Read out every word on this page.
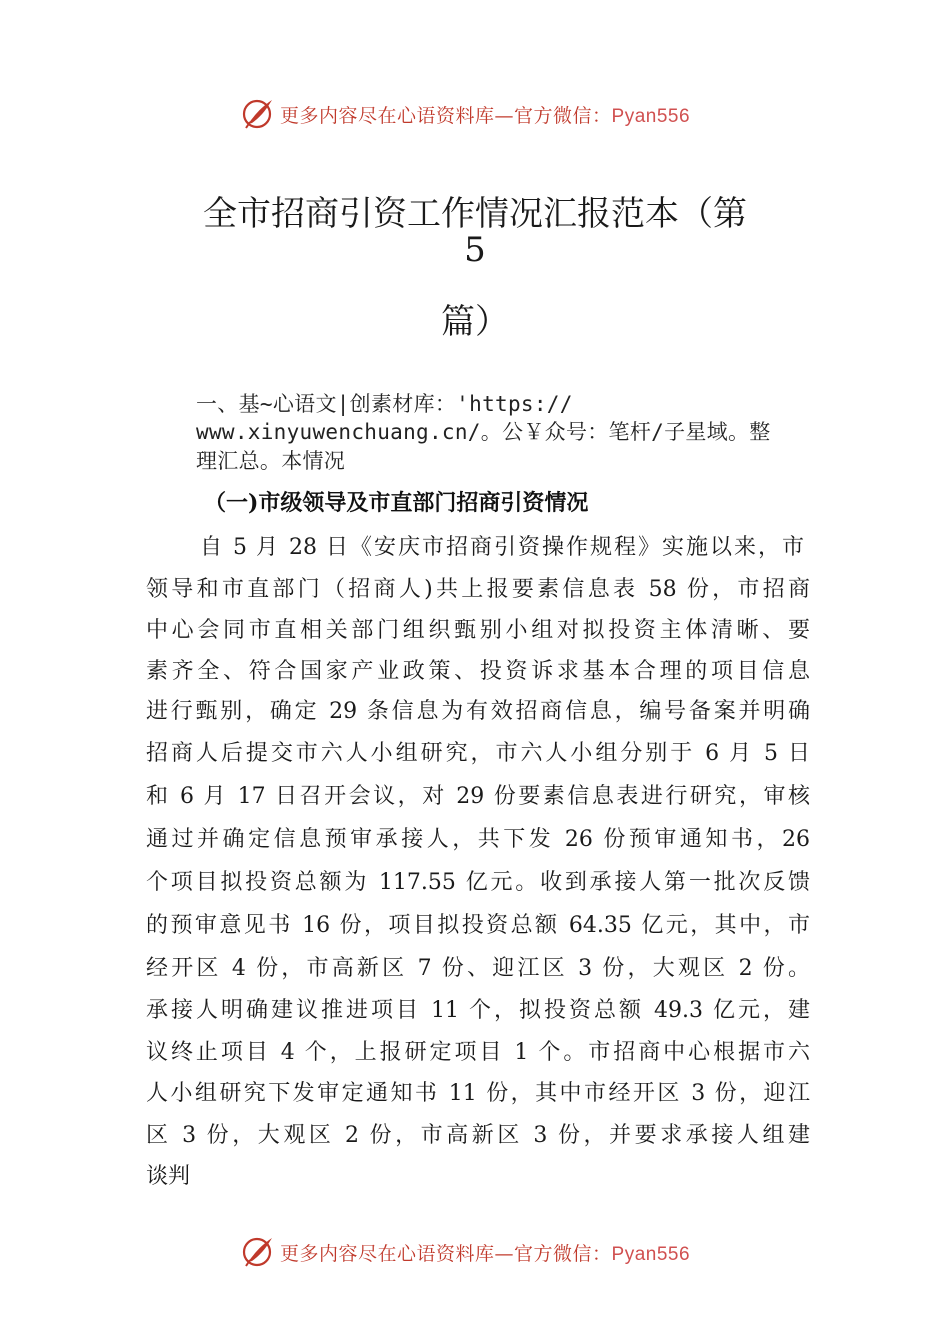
更多内容尽在心语资料库—官方微信：Pyan556
全市招商引资工作情况汇报范本（第
5
篇）
一、基~心语文|创素材库：'https://
www.xinyuwenchuang.cn/。公￥众号：笔杆/子星域。整
理汇总。本情况
（一)市级领导及市直部门招商引资情况
自 5 月 28 日《安庆市招商引资操作规程》实施以来，市
领导和市直部门（招商人)共上报要素信息表 58 份，市招商
中心会同市直相关部门组织甄别小组对拟投资主体清晰、要
素齐全、符合国家产业政策、投资诉求基本合理的项目信息
进行甄别，确定 29 条信息为有效招商信息，编号备案并明确
招商人后提交市六人小组研究，市六人小组分别于 6 月 5 日
和 6 月 17 日召开会议，对 29 份要素信息表进行研究，审核
通过并确定信息预审承接人，共下发 26 份预审通知书，26
个项目拟投资总额为 117.55 亿元。收到承接人第一批次反馈
的预审意见书 16 份，项目拟投资总额 64.35 亿元，其中，市
经开区 4 份，市高新区 7 份、迎江区 3 份，大观区 2 份。
承接人明确建议推进项目 11 个，拟投资总额 49.3 亿元，建
议终止项目 4 个，上报研定项目 1 个。市招商中心根据市六
人小组研究下发审定通知书 11 份，其中市经开区 3 份，迎江
区 3 份，大观区 2 份，市高新区 3 份，并要求承接人组建
谈判
更多内容尽在心语资料库—官方微信：Pyan556
